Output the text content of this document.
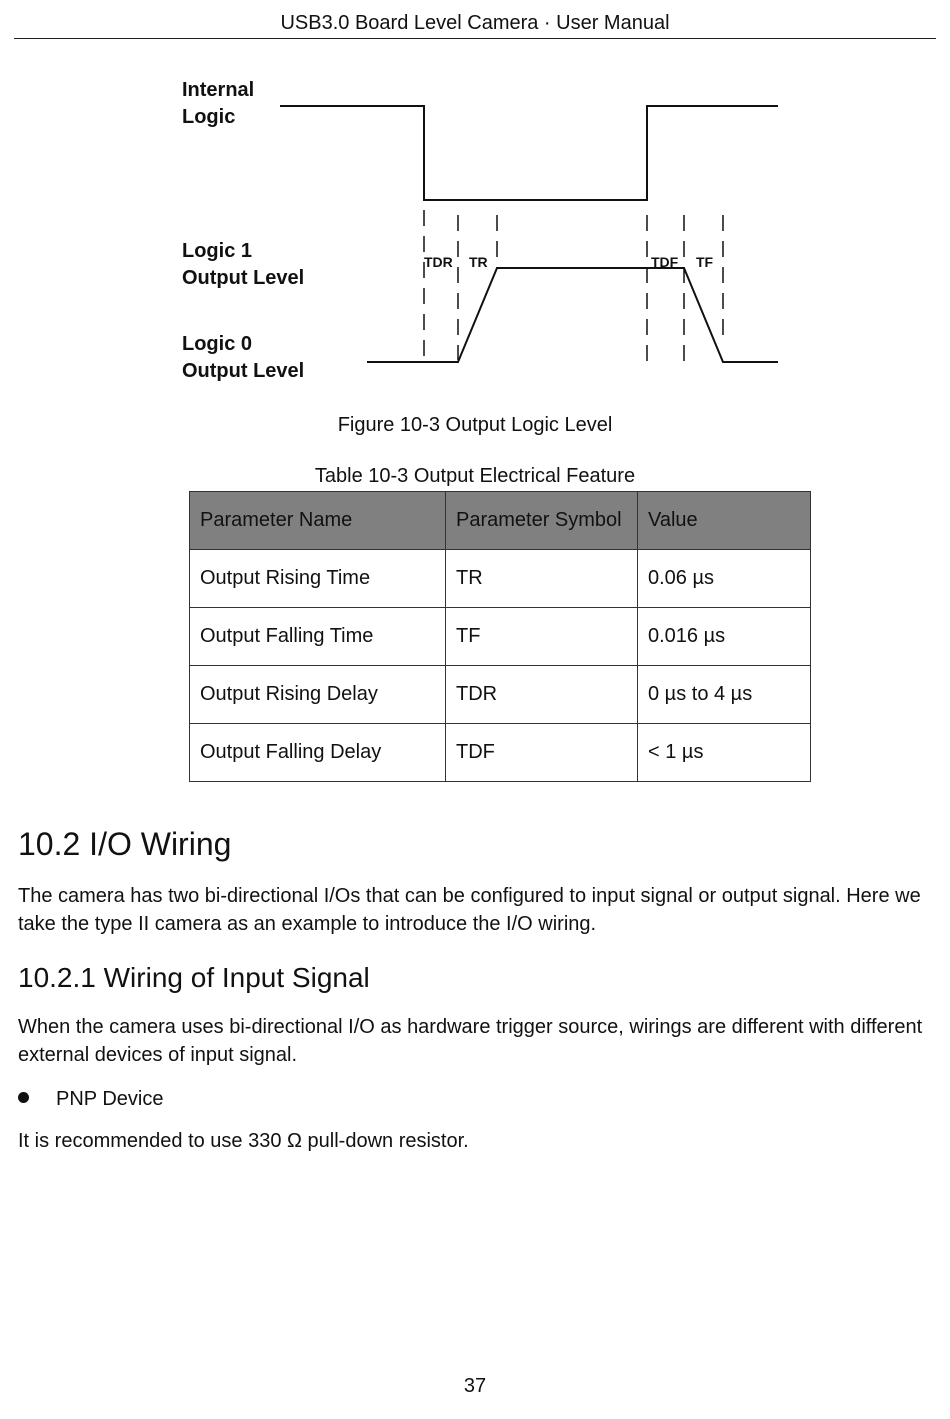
USB3.0 Board Level Camera · User Manual
Internal
Logic
Logic 1
Output Level
Logic 0
Output Level
TDR TR	TDF TF
Figure 10-3 Output Logic Level
Table 10-3 Output Electrical Feature
Parameter Name	Parameter Symbol	Value
Output Rising Time	TR	0.06 µs
Output Falling Time	TF	0.016 µs
Output Rising Delay	TDR	0 µs to 4 µs
Output Falling Delay	TDF	< 1 µs
10.2 I/O Wiring

The camera has two bi-directional I/Os that can be configured to input signal or output signal. Here we take the type II camera as an example to introduce the I/O wiring.

10.2.1 Wiring of Input Signal

When the camera uses bi-directional I/O as hardware trigger source, wirings are different with different external devices of input signal.

PNP Device

It is recommended to use 330 Ω pull-down resistor.

37
